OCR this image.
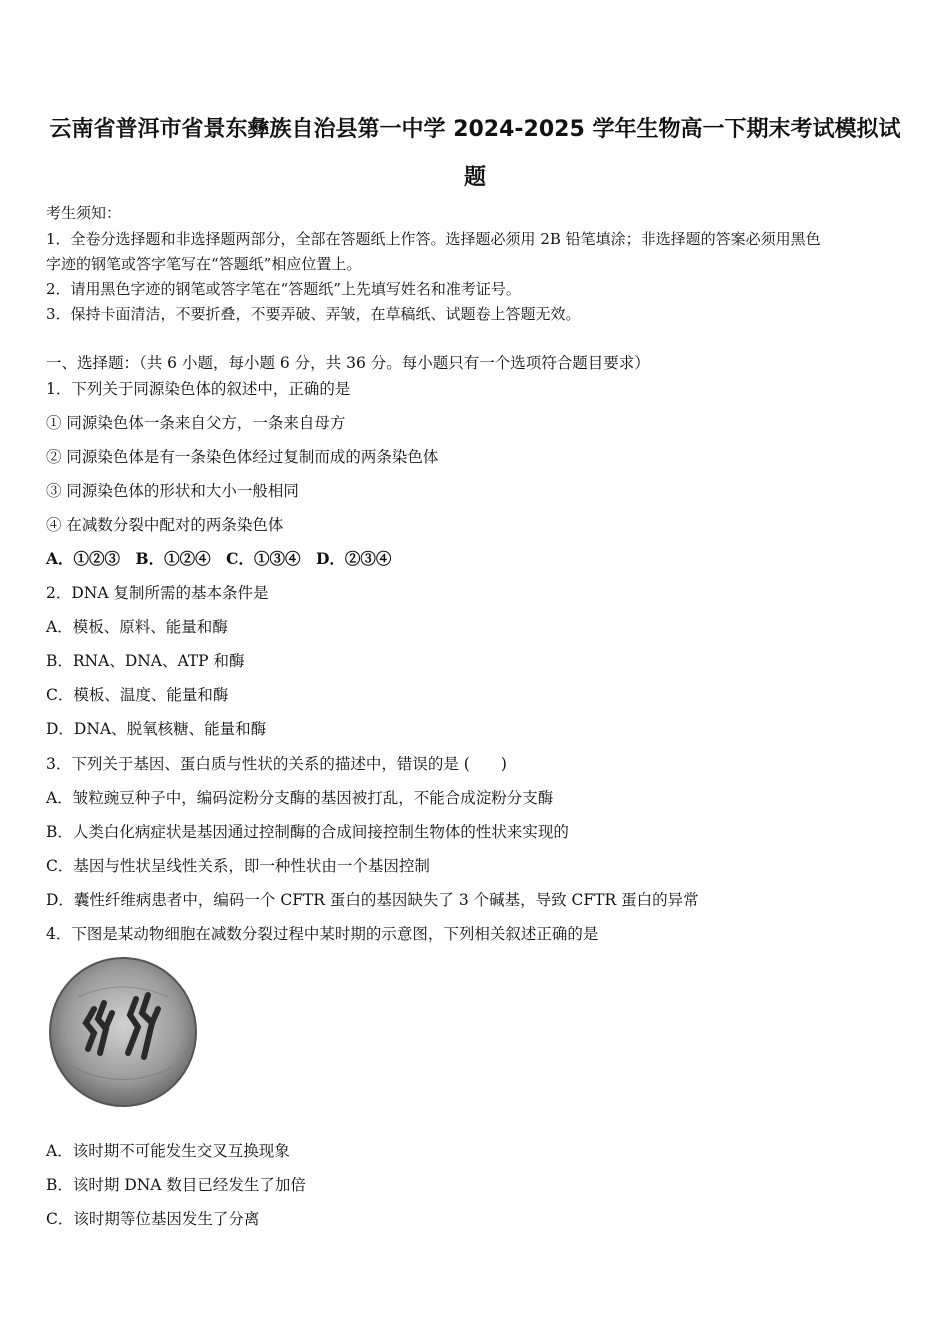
云南省普洱市省景东彝族自治县第一中学 2024-2025 学年生物高一下期末考试模拟试
题
考生须知：
1．全卷分选择题和非选择题两部分，全部在答题纸上作答。选择题必须用 2B 铅笔填涂；非选择题的答案必须用黑色
字迹的钢笔或答字笔写在“答题纸”相应位置上。
2．请用黑色字迹的钢笔或答字笔在“答题纸”上先填写姓名和准考证号。
3．保持卡面清洁，不要折叠，不要弄破、弄皱，在草稿纸、试题卷上答题无效。
一、选择题：（共 6 小题，每小题 6 分，共 36 分。每小题只有一个选项符合题目要求）
1．下列关于同源染色体的叙述中，正确的是
① 同源染色体一条来自父方，一条来自母方
② 同源染色体是有一条染色体经过复制而成的两条染色体
③ 同源染色体的形状和大小一般相同
④ 在减数分裂中配对的两条染色体
A．①②③　B．①②④　C．①③④　D．②③④
2．DNA 复制所需的基本条件是
A．模板、原料、能量和酶
B．RNA、DNA、ATP 和酶
C．模板、温度、能量和酶
D．DNA、脱氧核糖、能量和酶
3．下列关于基因、蛋白质与性状的关系的描述中，错误的是 (　　)
A．皱粒豌豆种子中，编码淀粉分支酶的基因被打乱，不能合成淀粉分支酶
B．人类白化病症状是基因通过控制酶的合成间接控制生物体的性状来实现的
C．基因与性状呈线性关系，即一种性状由一个基因控制
D．囊性纤维病患者中，编码一个 CFTR 蛋白的基因缺失了 3 个碱基，导致 CFTR 蛋白的异常
4．下图是某动物细胞在减数分裂过程中某时期的示意图，下列相关叙述正确的是
A．该时期不可能发生交叉互换现象
B．该时期 DNA 数目已经发生了加倍
C．该时期等位基因发生了分离
